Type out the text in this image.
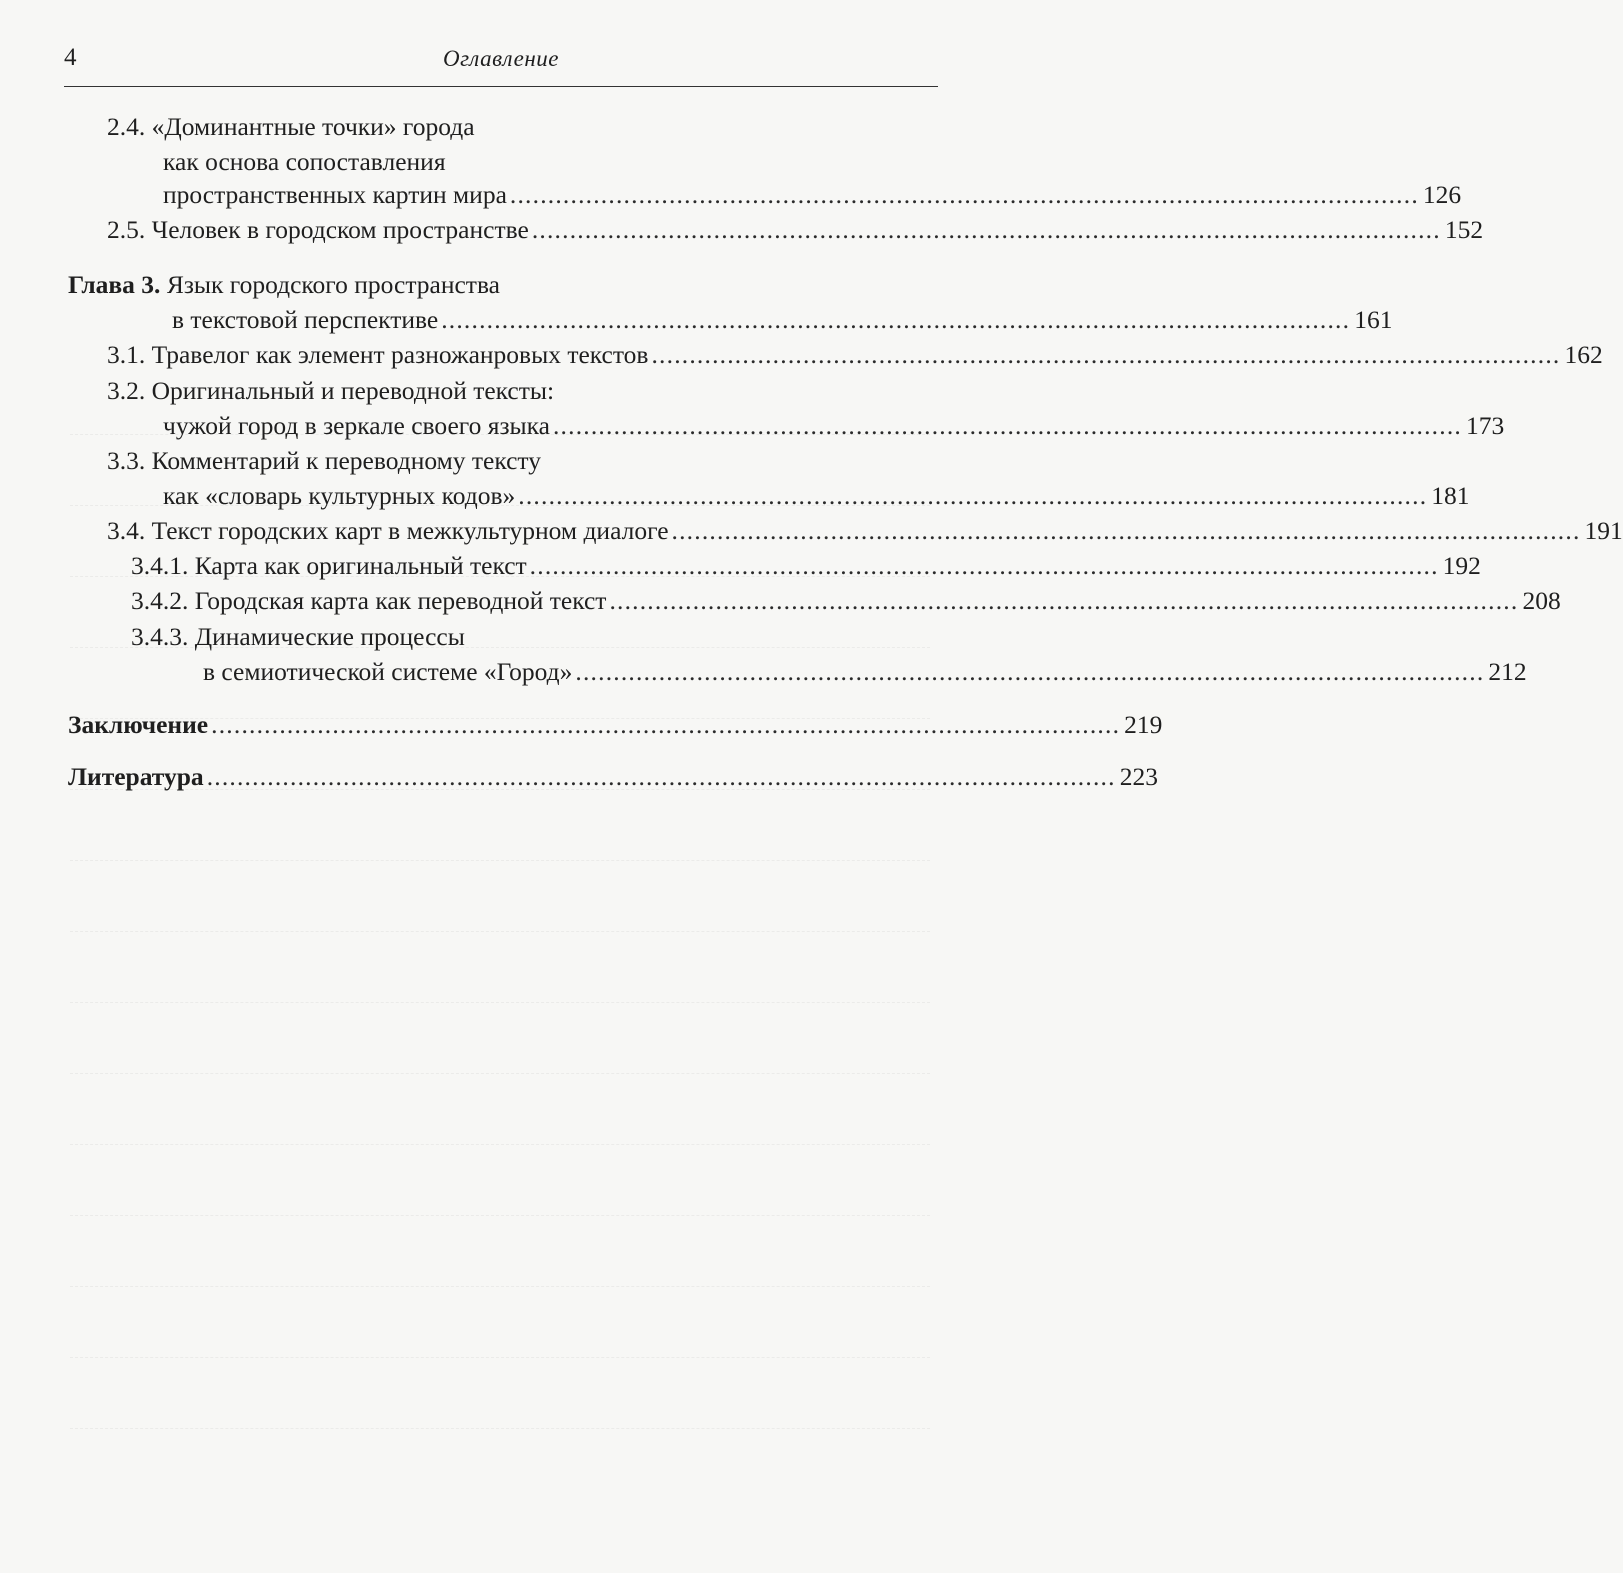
4	Оглавление
2.4. «Доминантные точки» города
как основа сопоставления
пространственных картин мира ........................................................................................................................ 126
2.5. Человек в городском пространстве ........................................................................................................................ 152
Глава 3. Язык городского пространства
в текстовой перспективе ........................................................................................................................ 161
3.1. Травелог как элемент разножанровых текстов ........................................................................................................................ 162
3.2. Оригинальный и переводной тексты:
чужой город в зеркале своего языка ........................................................................................................................ 173
3.3. Комментарий к переводному тексту
как «словарь культурных кодов» ........................................................................................................................ 181
3.4. Текст городских карт в межкультурном диалоге ........................................................................................................................ 191
3.4.1. Карта как оригинальный текст ........................................................................................................................ 192
3.4.2. Городская карта как переводной текст ........................................................................................................................ 208
3.4.3. Динамические процессы
в семиотической системе «Город» ........................................................................................................................ 212
Заключение ........................................................................................................................ 219
Литература ........................................................................................................................ 223
